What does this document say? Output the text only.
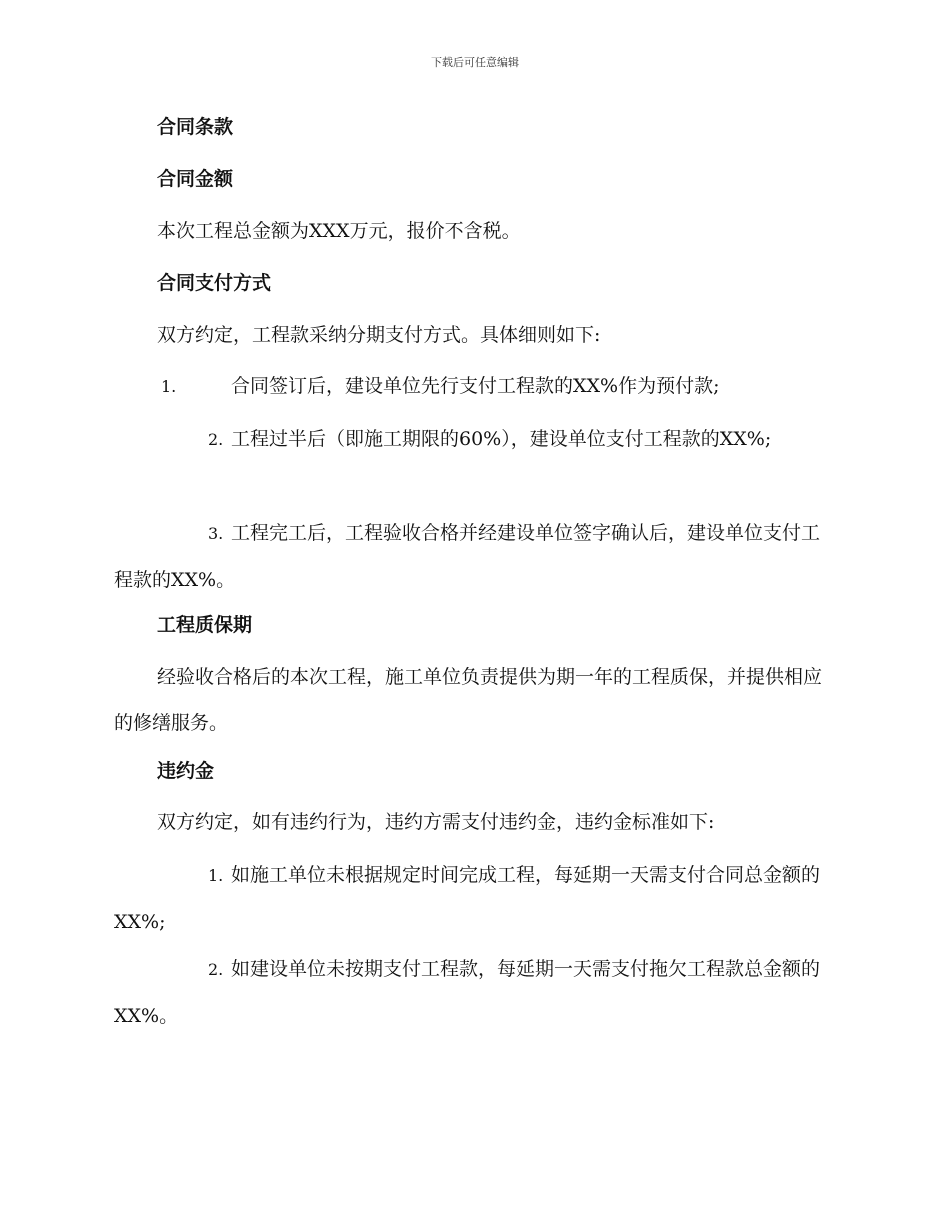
下载后可任意编辑
合同条款
合同金额
本次工程总金额为XXX万元，报价不含税。
合同支付方式
双方约定，工程款采纳分期支付方式。具体细则如下:
1.	合同签订后，建设单位先行支付工程款的XX%作为预付款;
2. 工程过半后（即施工期限的60%），建设单位支付工程款的XX%;
3. 工程完工后，工程验收合格并经建设单位签字确认后，建设单位支付工程款的XX%。
工程质保期
经验收合格后的本次工程，施工单位负责提供为期一年的工程质保，并提供相应的修缮服务。
违约金
双方约定，如有违约行为，违约方需支付违约金，违约金标准如下:
1. 如施工单位未根据规定时间完成工程，每延期一天需支付合同总金额的XX%;
2. 如建设单位未按期支付工程款，每延期一天需支付拖欠工程款总金额的XX%。
